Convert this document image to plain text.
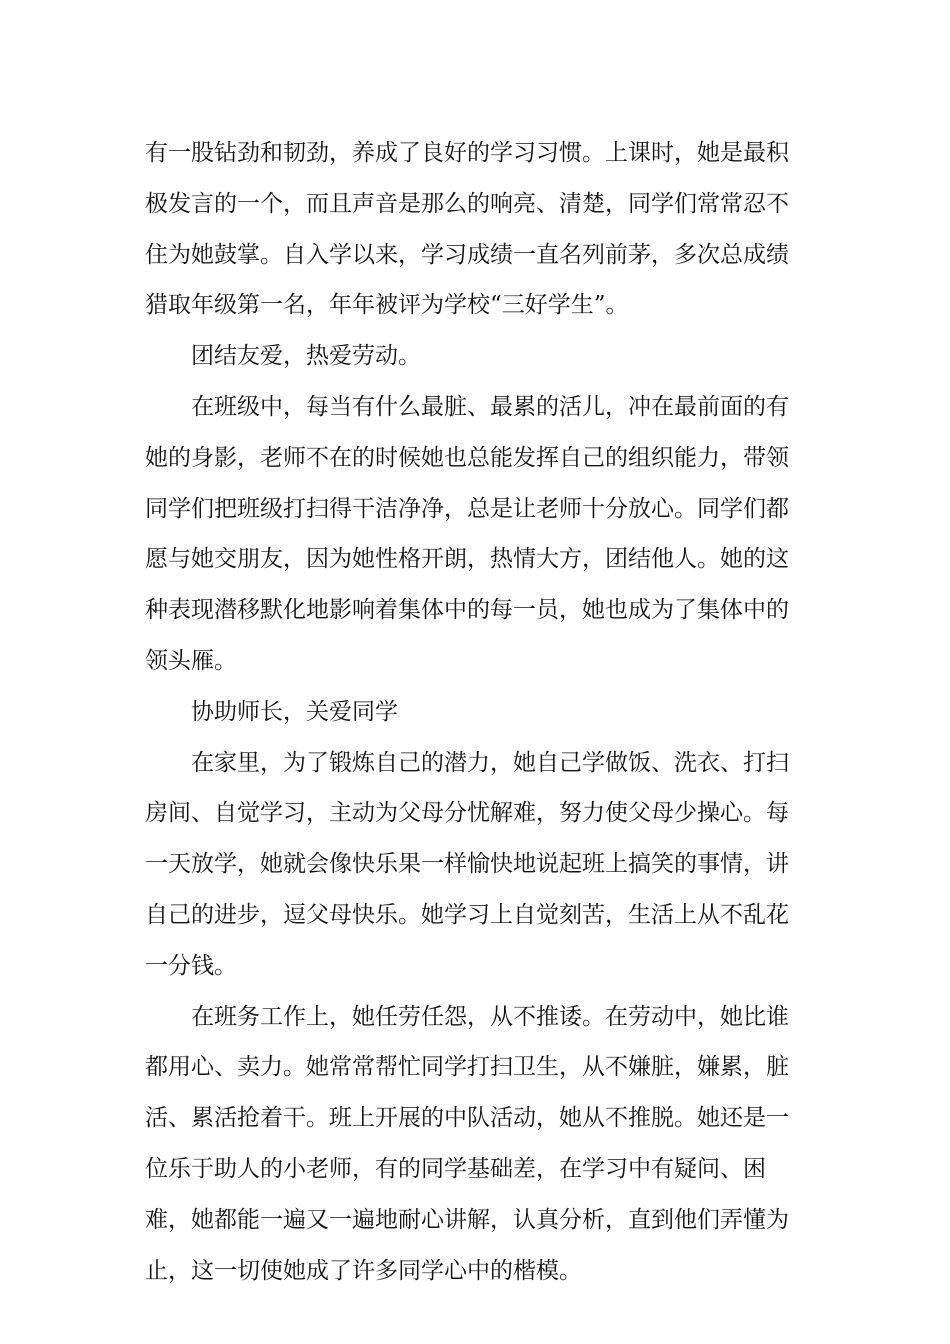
有一股钻劲和韧劲，养成了良好的学习习惯。上课时，她是最积极发言的一个，而且声音是那么的响亮、清楚，同学们常常忍不住为她鼓掌。自入学以来，学习成绩一直名列前茅，多次总成绩猎取年级第一名，年年被评为学校“三好学生”。

团结友爱，热爱劳动。

在班级中，每当有什么最脏、最累的活儿，冲在最前面的有她的身影，老师不在的时候她也总能发挥自己的组织能力，带领同学们把班级打扫得干洁净净，总是让老师十分放心。同学们都愿与她交朋友，因为她性格开朗，热情大方，团结他人。她的这种表现潜移默化地影响着集体中的每一员，她也成为了集体中的领头雁。

协助师长，关爱同学

在家里，为了锻炼自己的潜力，她自己学做饭、洗衣、打扫房间、自觉学习，主动为父母分忧解难，努力使父母少操心。每一天放学，她就会像快乐果一样愉快地说起班上搞笑的事情，讲自己的进步，逗父母快乐。她学习上自觉刻苦，生活上从不乱花一分钱。

在班务工作上，她任劳任怨，从不推诿。在劳动中，她比谁都用心、卖力。她常常帮忙同学打扫卫生，从不嫌脏，嫌累，脏活、累活抢着干。班上开展的中队活动，她从不推脱。她还是一位乐于助人的小老师，有的同学基础差，在学习中有疑问、困难，她都能一遍又一遍地耐心讲解，认真分析，直到他们弄懂为止，这一切使她成了许多同学心中的楷模。
